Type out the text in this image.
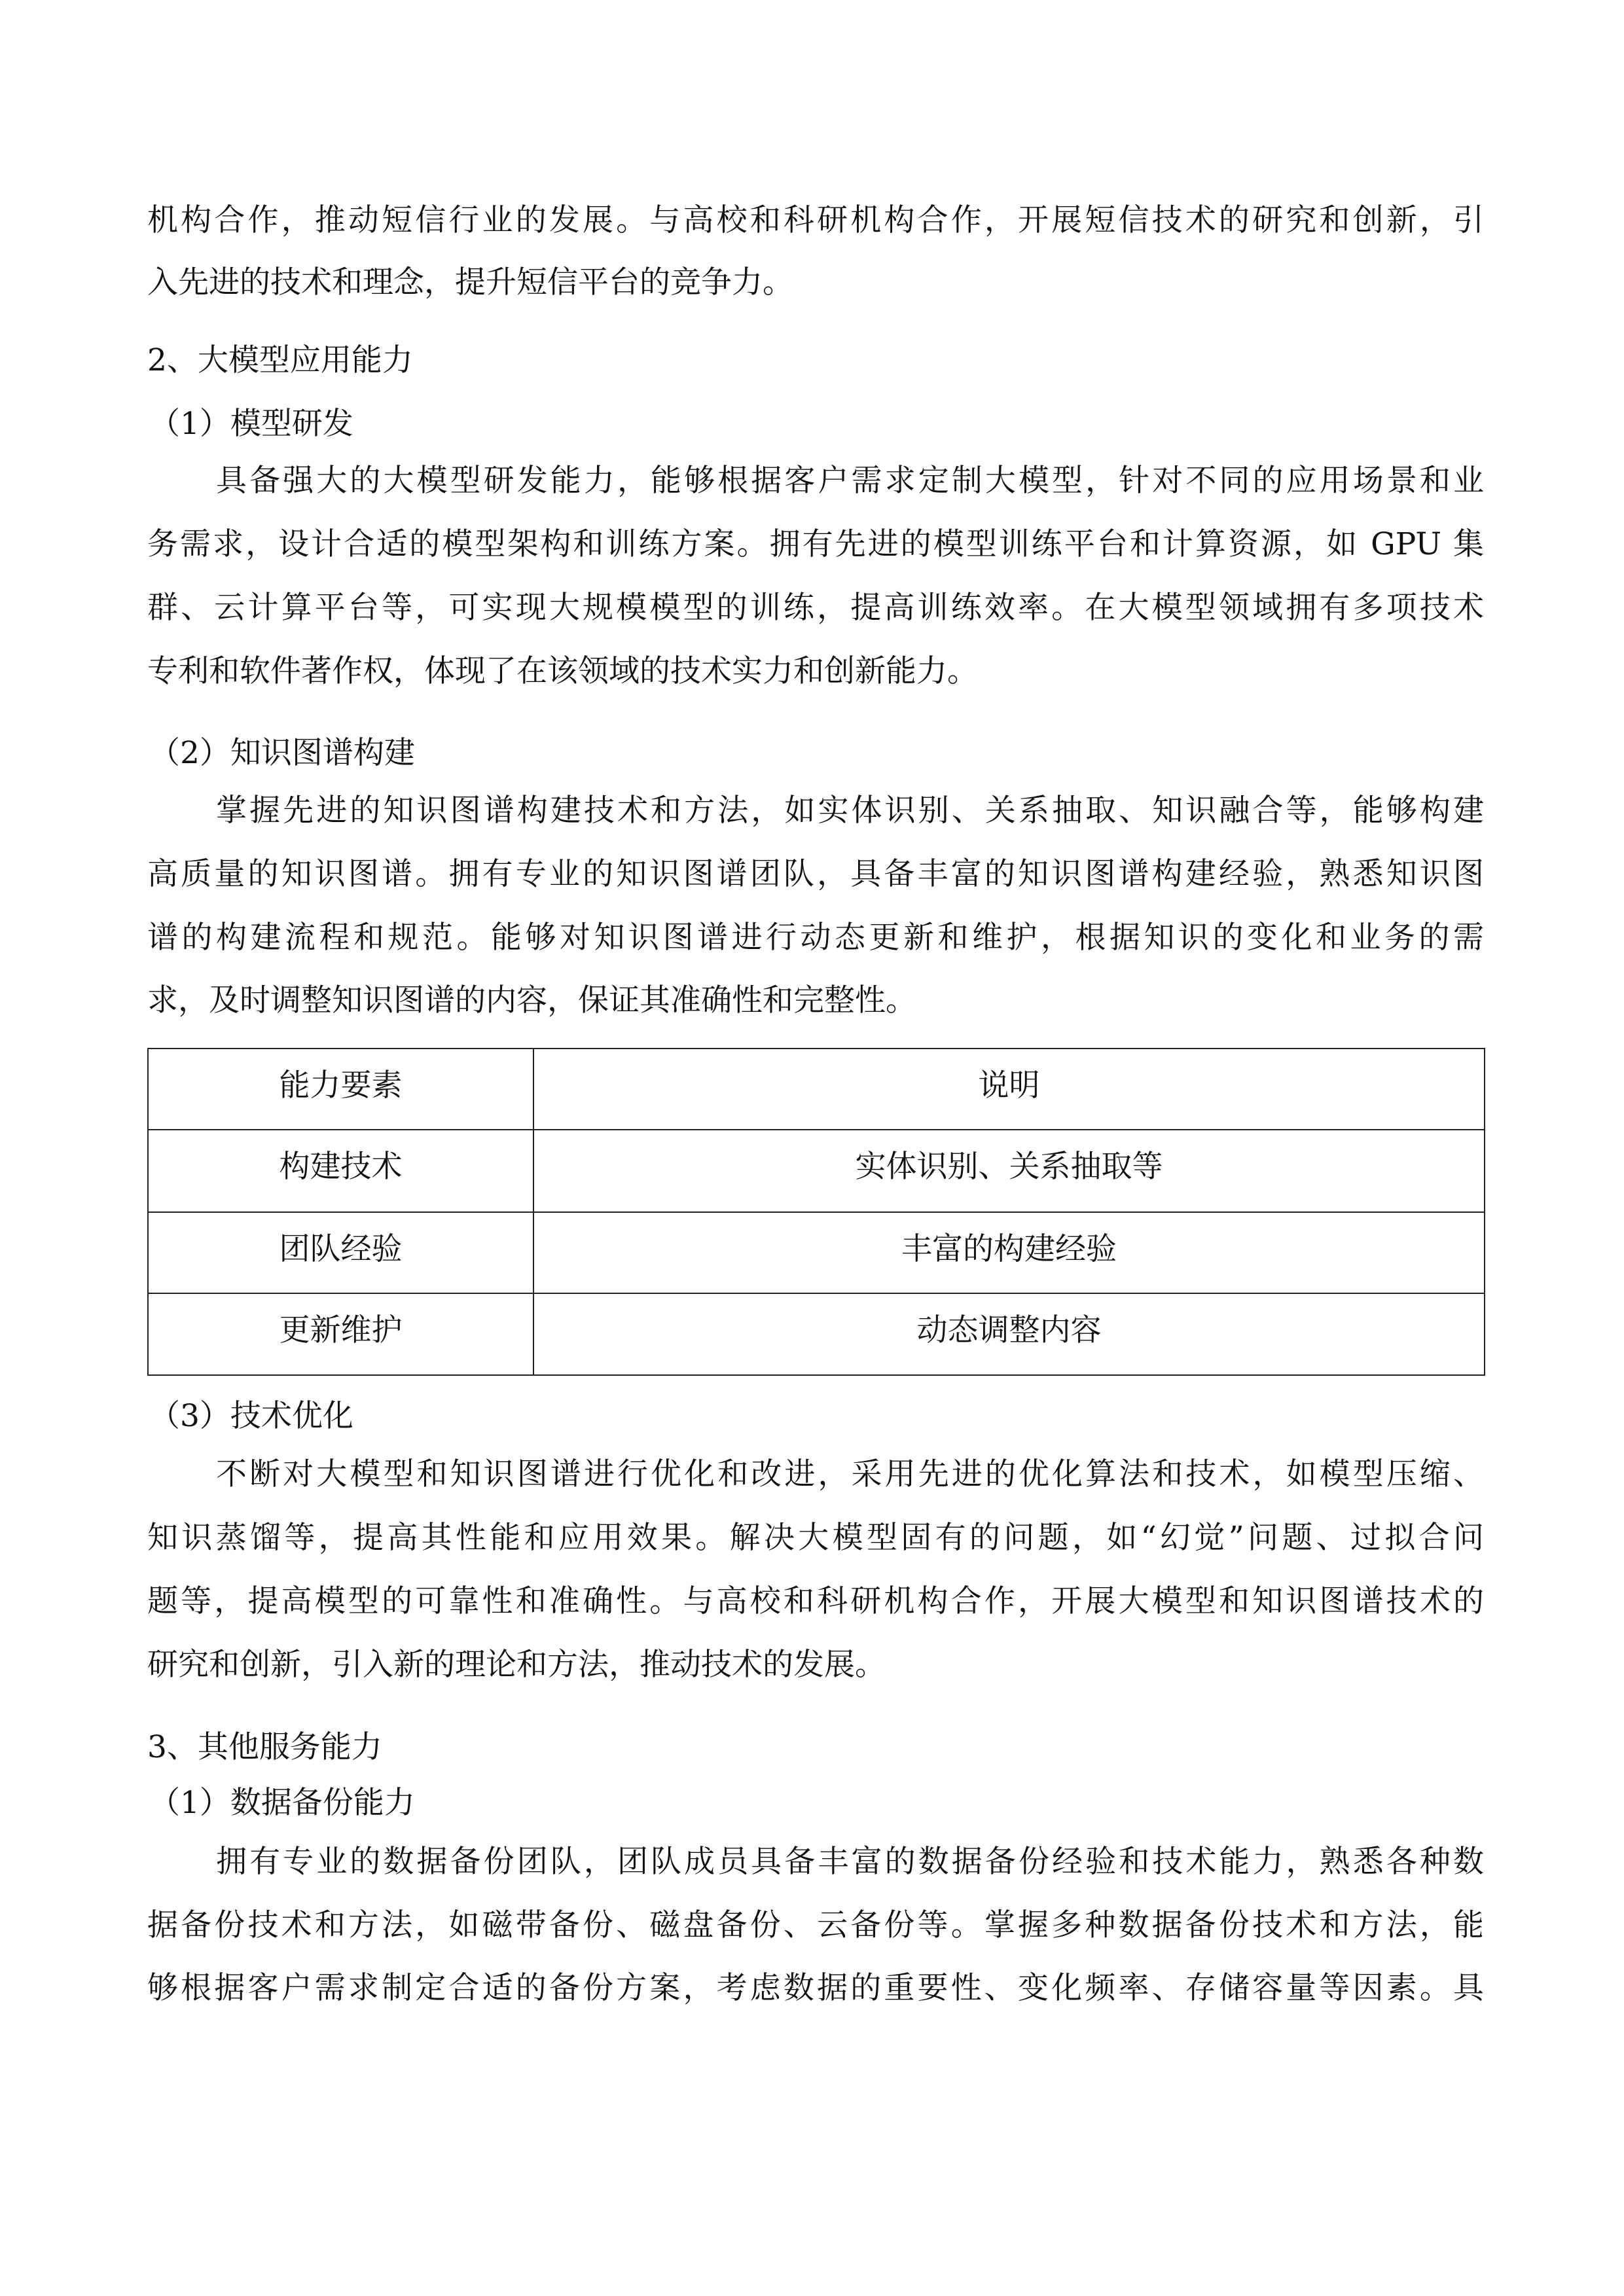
机构合作，推动短信行业的发展。与高校和科研机构合作，开展短信技术的研究和创新，引
入先进的技术和理念，提升短信平台的竞争力。
2、大模型应用能力
（1）模型研发
具备强大的大模型研发能力，能够根据客户需求定制大模型，针对不同的应用场景和业
务需求，设计合适的模型架构和训练方案。拥有先进的模型训练平台和计算资源，如 GPU 集
群、云计算平台等，可实现大规模模型的训练，提高训练效率。在大模型领域拥有多项技术
专利和软件著作权，体现了在该领域的技术实力和创新能力。
（2）知识图谱构建
掌握先进的知识图谱构建技术和方法，如实体识别、关系抽取、知识融合等，能够构建
高质量的知识图谱。拥有专业的知识图谱团队，具备丰富的知识图谱构建经验，熟悉知识图
谱的构建流程和规范。能够对知识图谱进行动态更新和维护，根据知识的变化和业务的需
求，及时调整知识图谱的内容，保证其准确性和完整性。
能力要素	说明
构建技术	实体识别、关系抽取等
团队经验	丰富的构建经验
更新维护	动态调整内容
（3）技术优化
不断对大模型和知识图谱进行优化和改进，采用先进的优化算法和技术，如模型压缩、
知识蒸馏等，提高其性能和应用效果。解决大模型固有的问题，如“幻觉”问题、过拟合问
题等，提高模型的可靠性和准确性。与高校和科研机构合作，开展大模型和知识图谱技术的
研究和创新，引入新的理论和方法，推动技术的发展。
3、其他服务能力
（1）数据备份能力
拥有专业的数据备份团队，团队成员具备丰富的数据备份经验和技术能力，熟悉各种数
据备份技术和方法，如磁带备份、磁盘备份、云备份等。掌握多种数据备份技术和方法，能
够根据客户需求制定合适的备份方案，考虑数据的重要性、变化频率、存储容量等因素。具
